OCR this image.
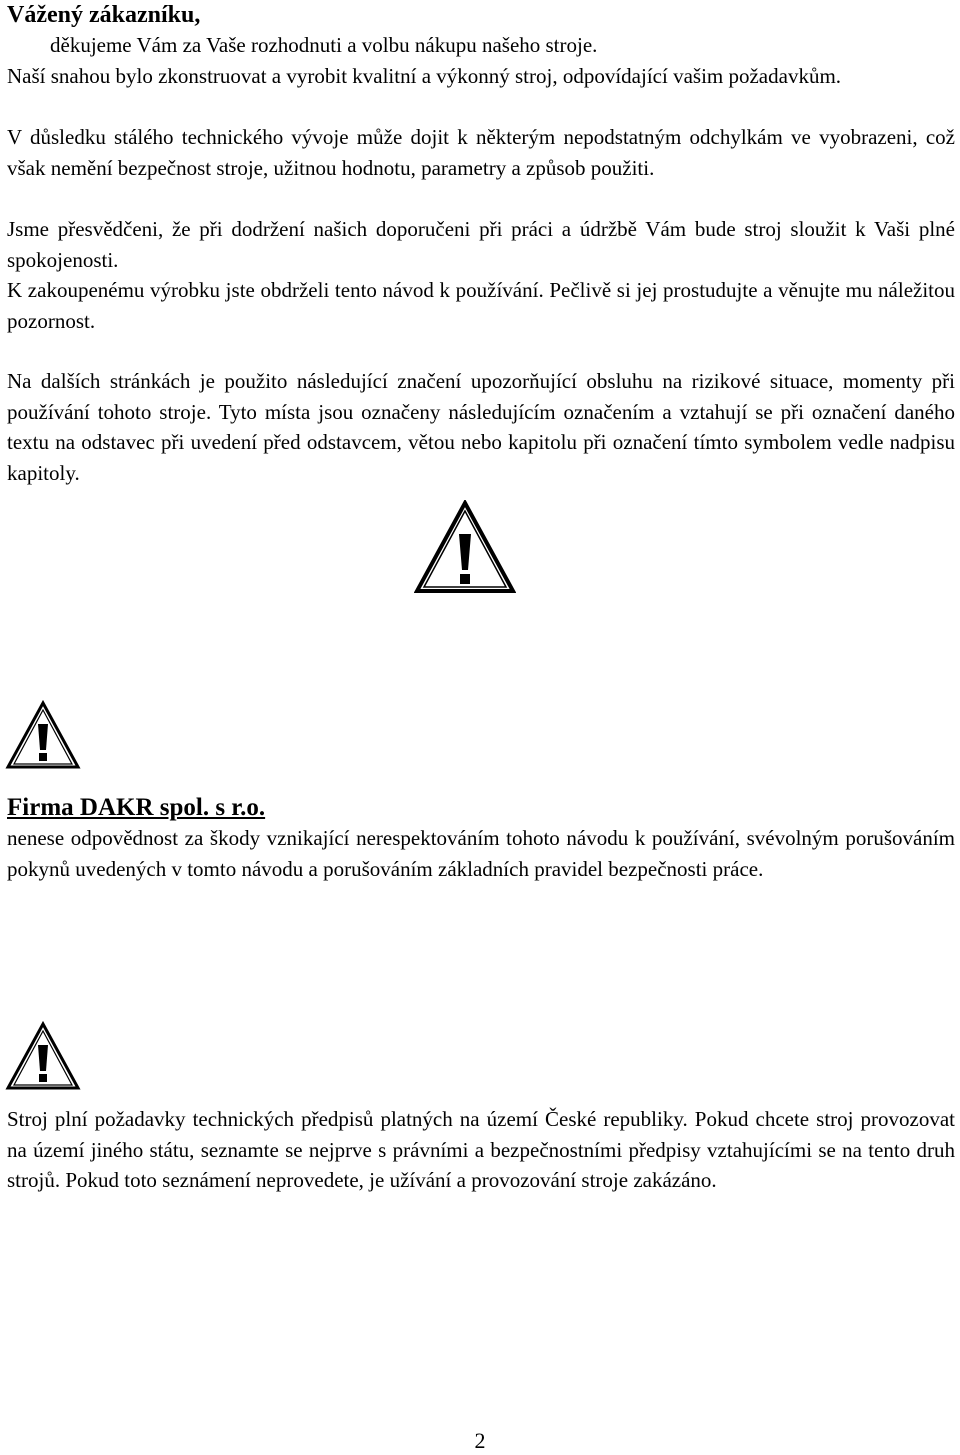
Vážený zákazníku,

děkujeme Vám za Vaše rozhodnuti a volbu nákupu našeho stroje.

Naší snahou bylo zkonstruovat a vyrobit kvalitní a výkonný stroj, odpovídající vašim požadavkům.

V důsledku stálého technického vývoje může dojit k některým nepodstatným odchylkám ve vyobrazeni, což však nemění bezpečnost stroje, užitnou hodnotu, parametry a způsob použiti.

Jsme přesvědčeni, že při dodržení našich doporučeni při práci a údržbě Vám bude stroj sloužit k Vaši plné spokojenosti.

K zakoupenému výrobku jste obdrželi tento návod k používání. Pečlivě si jej prostudujte a věnujte mu náležitou pozornost.

Na dalších stránkách je použito následující značení upozorňující obsluhu na rizikové situace, momenty při používání tohoto stroje. Tyto místa jsou označeny následujícím označením a vztahují se při označení daného textu na odstavec při uvedení před odstavcem, větou nebo kapitolu při označení tímto symbolem vedle nadpisu kapitoly.

Firma DAKR spol. s r.o.

nenese odpovědnost za škody vznikající nerespektováním tohoto návodu k používání, svévolným porušováním pokynů uvedených v tomto návodu a porušováním základních pravidel bezpečnosti práce.

Stroj plní požadavky technických předpisů platných na území České republiky. Pokud chcete stroj provozovat na území jiného státu, seznamte se nejprve s právními a bezpečnostními předpisy vztahujícími se na tento druh strojů. Pokud toto seznámení neprovedete, je užívání a provozování stroje zakázáno.

2
